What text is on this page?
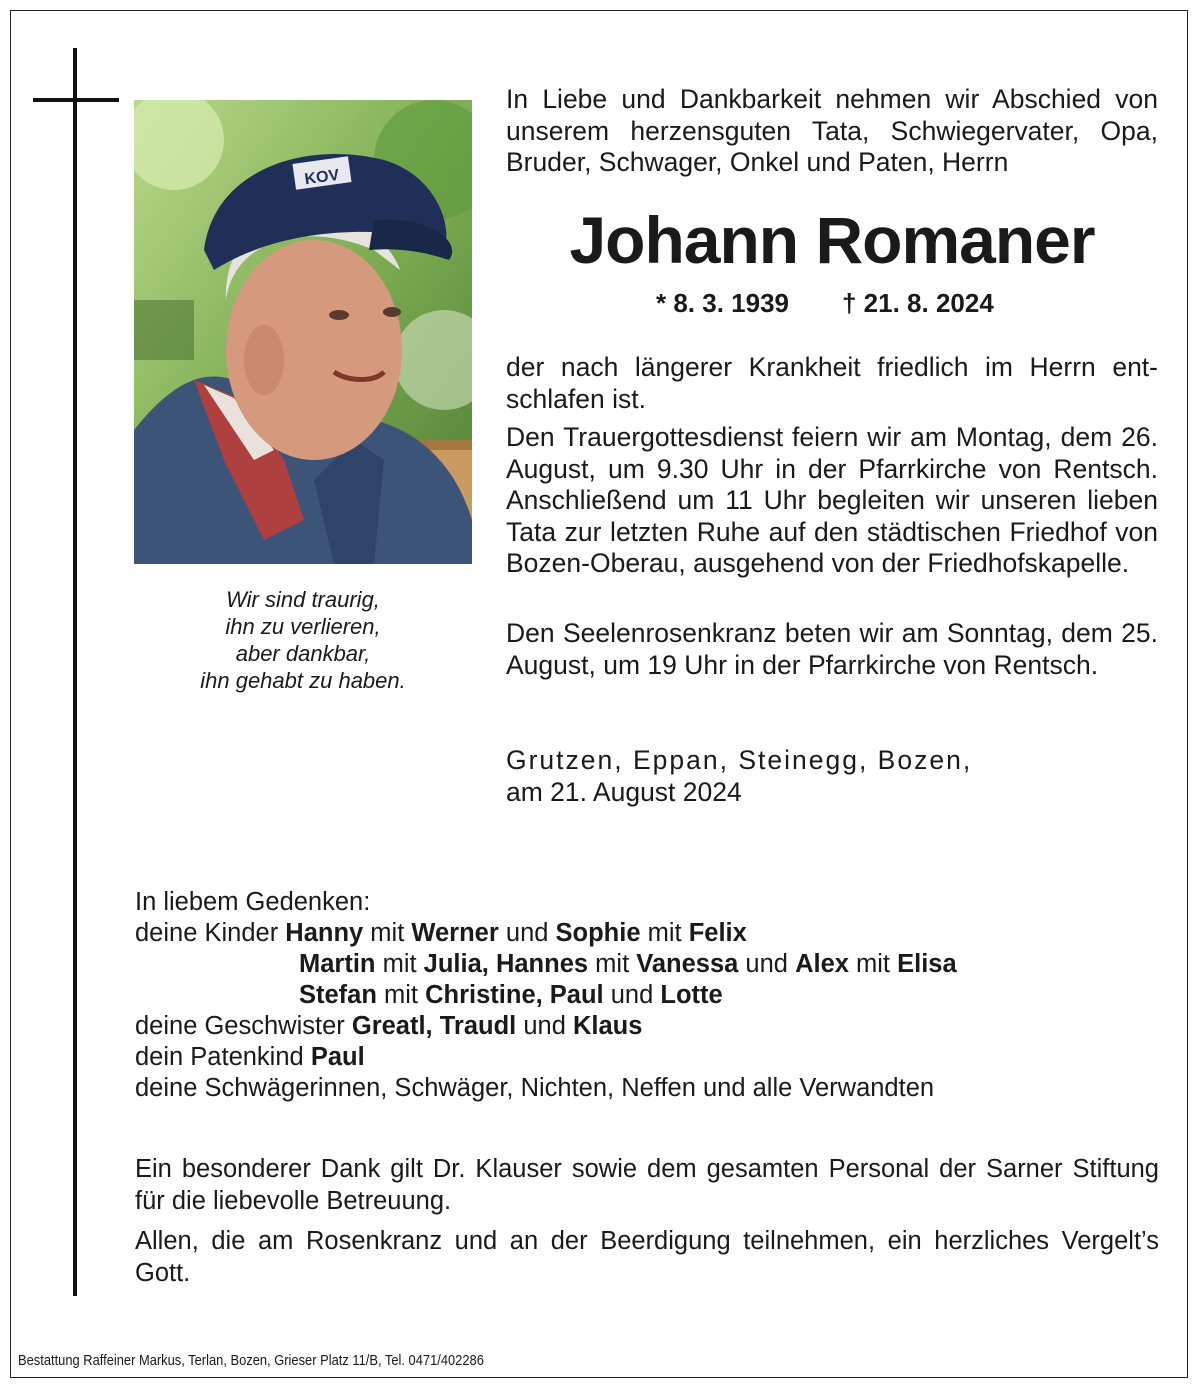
KOV
Wir sind traurig,
ihn zu verlieren,
aber dankbar,
ihn gehabt zu haben.
In Liebe und Dankbarkeit nehmen wir Abschied von unserem herzensguten Tata, Schwiegervater, Opa, Bruder, Schwager, Onkel und Paten, Herrn
Johann Romaner
* 8. 3. 1939 † 21. 8. 2024
der nach längerer Krankheit friedlich im Herrn entschlafen ist.
Den Trauergottesdienst feiern wir am Montag, dem 26. August, um 9.30 Uhr in der Pfarrkirche von Rentsch. Anschließend um 11 Uhr begleiten wir unseren lieben Tata zur letzten Ruhe auf den städtischen Friedhof von Bozen-Oberau, ausgehend von der Friedhofskapelle.
Den Seelenrosenkranz beten wir am Sonntag, dem 25. August, um 19 Uhr in der Pfarrkirche von Rentsch.
Grutzen, Eppan, Steinegg, Bozen,
am 21. August 2024
In liebem Gedenken:
deine Kinder Hanny mit Werner und Sophie mit Felix
Martin mit Julia, Hannes mit Vanessa und Alex mit Elisa
Stefan mit Christine, Paul und Lotte
deine Geschwister Greatl, Traudl und Klaus
dein Patenkind Paul
deine Schwägerinnen, Schwäger, Nichten, Neffen und alle Verwandten
Ein besonderer Dank gilt Dr. Klauser sowie dem gesamten Personal der Sarner Stiftung für die liebevolle Betreuung.
Allen, die am Rosenkranz und an der Beerdigung teilnehmen, ein herzliches Vergelt’s Gott.
Bestattung Raffeiner Markus, Terlan, Bozen, Grieser Platz 11/B, Tel. 0471/402286
